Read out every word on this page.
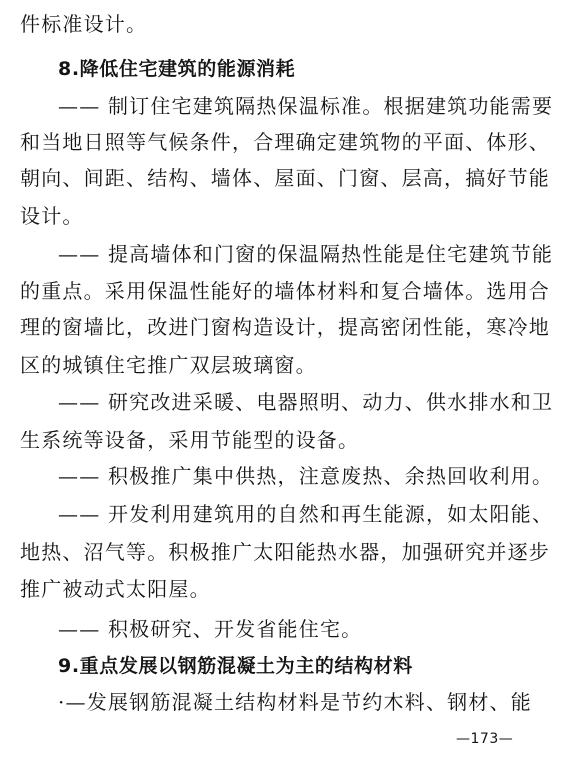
件标准设计。
8.降低住宅建筑的能源消耗
—— 制订住宅建筑隔热保温标准。根据建筑功能需要
和当地日照等气候条件，合理确定建筑物的平面、体形、
朝向、间距、结构、墙体、屋面、门窗、层高，搞好节能
设计。
—— 提高墙体和门窗的保温隔热性能是住宅建筑节能
的重点。采用保温性能好的墙体材料和复合墙体。选用合
理的窗墙比，改进门窗构造设计，提高密闭性能，寒冷地
区的城镇住宅推广双层玻璃窗。
—— 研究改进采暖、电器照明、动力、供水排水和卫
生系统等设备，采用节能型的设备。
—— 积极推广集中供热，注意废热、余热回收利用。
—— 开发利用建筑用的自然和再生能源，如太阳能、
地热、沼气等。积极推广太阳能热水器，加强研究并逐步
推广被动式太阳屋。
—— 积极研究、开发省能住宅。
9.重点发展以钢筋混凝土为主的结构材料
·—发展钢筋混凝土结构材料是节约木料、钢材、能
—173—
